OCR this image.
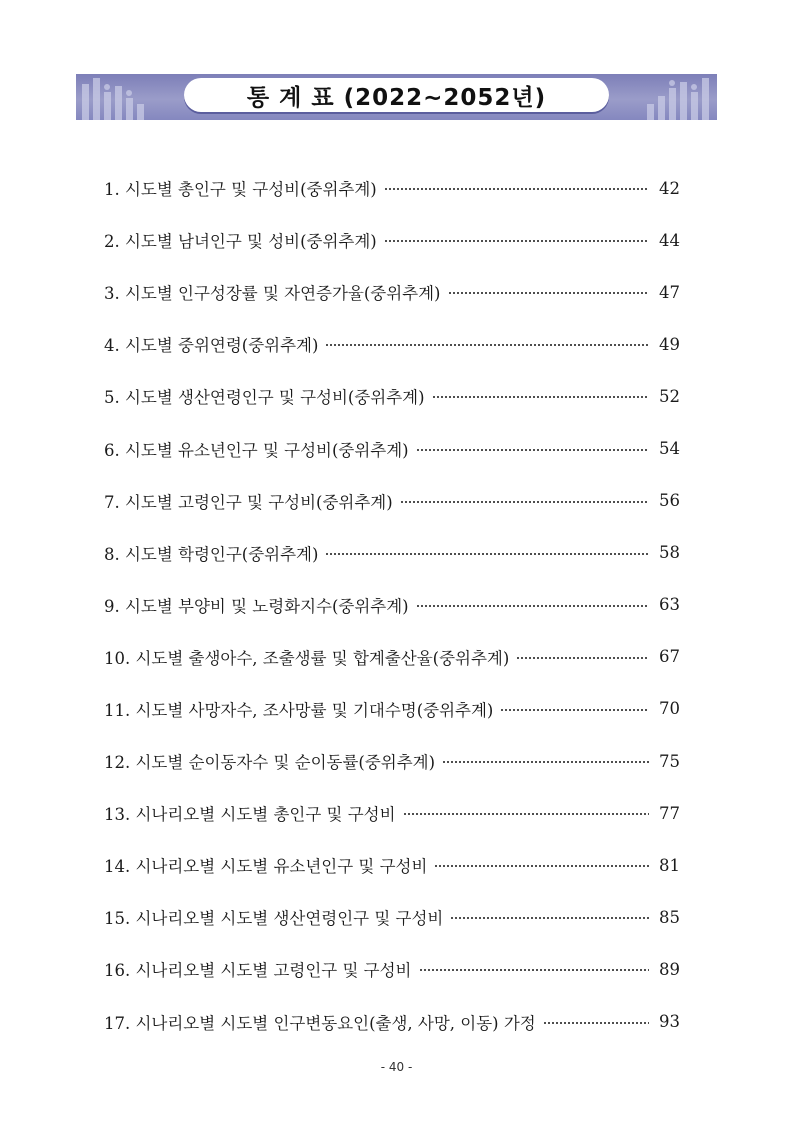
통 계 표 (2022~2052년)
1. 시도별 총인구 및 구성비(중위추계)	42
2. 시도별 남녀인구 및 성비(중위추계)	44
3. 시도별 인구성장률 및 자연증가율(중위추계)	47
4. 시도별 중위연령(중위추계)	49
5. 시도별 생산연령인구 및 구성비(중위추계)	52
6. 시도별 유소년인구 및 구성비(중위추계)	54
7. 시도별 고령인구 및 구성비(중위추계)	56
8. 시도별 학령인구(중위추계)	58
9. 시도별 부양비 및 노령화지수(중위추계)	63
10. 시도별 출생아수, 조출생률 및 합계출산율(중위추계)	67
11. 시도별 사망자수, 조사망률 및 기대수명(중위추계)	70
12. 시도별 순이동자수 및 순이동률(중위추계)	75
13. 시나리오별 시도별 총인구 및 구성비	77
14. 시나리오별 시도별 유소년인구 및 구성비	81
15. 시나리오별 시도별 생산연령인구 및 구성비	85
16. 시나리오별 시도별 고령인구 및 구성비	89
17. 시나리오별 시도별 인구변동요인(출생, 사망, 이동) 가정	93
- 40 -
